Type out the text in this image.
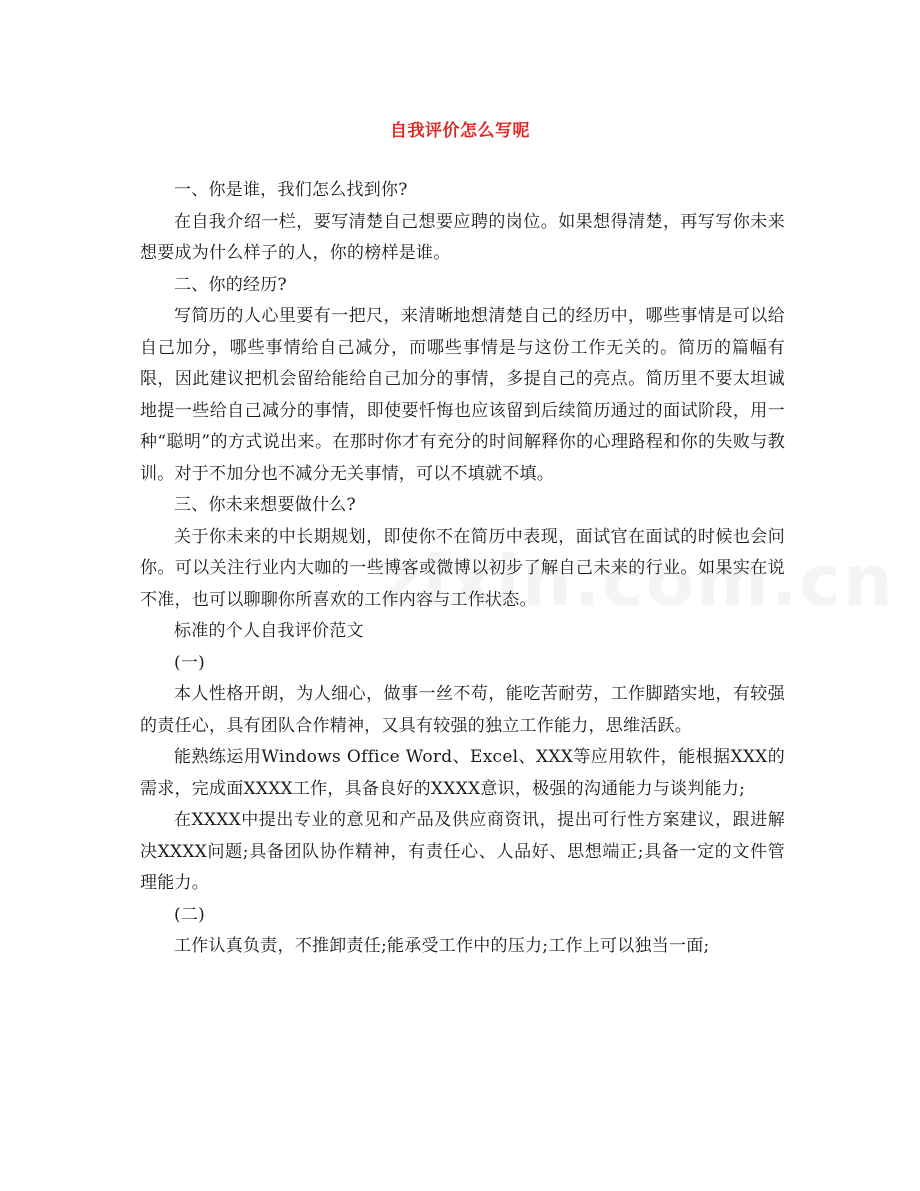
自我评价怎么写呢

一、你是谁，我们怎么找到你?

在自我介绍一栏，要写清楚自己想要应聘的岗位。如果想得清楚，再写写你未来想要成为什么样子的人，你的榜样是谁。

二、你的经历?

写简历的人心里要有一把尺，来清晰地想清楚自己的经历中，哪些事情是可以给自己加分，哪些事情给自己减分，而哪些事情是与这份工作无关的。简历的篇幅有限，因此建议把机会留给能给自己加分的事情，多提自己的亮点。简历里不要太坦诚地提一些给自己减分的事情，即使要忏悔也应该留到后续简历通过的面试阶段，用一种“聪明”的方式说出来。在那时你才有充分的时间解释你的心理路程和你的失败与教训。对于不加分也不减分无关事情，可以不填就不填。

三、你未来想要做什么?

关于你未来的中长期规划，即使你不在简历中表现，面试官在面试的时候也会问你。可以关注行业内大咖的一些博客或微博以初步了解自己未来的行业。如果实在说不准，也可以聊聊你所喜欢的工作内容与工作状态。

标准的个人自我评价范文

(一)

本人性格开朗，为人细心，做事一丝不苟，能吃苦耐劳，工作脚踏实地，有较强的责任心，具有团队合作精神，又具有较强的独立工作能力，思维活跃。

能熟练运用Windows Office Word、Excel、XXX等应用软件，能根据XXX的需求，完成面XXXX工作，具备良好的XXXX意识，极强的沟通能力与谈判能力;

在XXXX中提出专业的意见和产品及供应商资讯，提出可行性方案建议，跟进解决XXXX问题;具备团队协作精神，有责任心、人品好、思想端正;具备一定的文件管理能力。

(二)

工作认真负责，不推卸责任;能承受工作中的压力;工作上可以独当一面;
